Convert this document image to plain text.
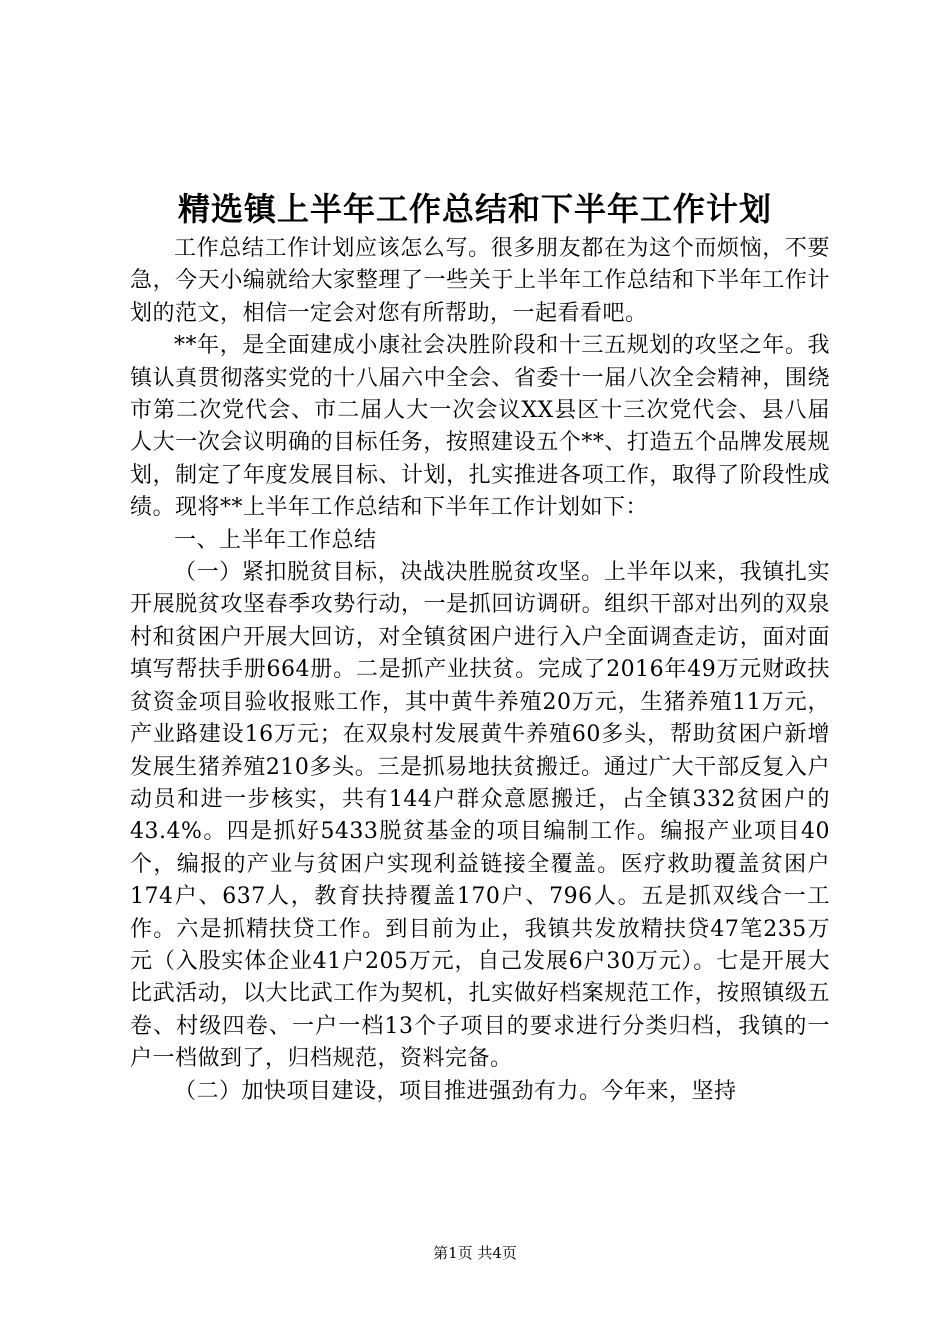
精选镇上半年工作总结和下半年工作计划

工作总结工作计划应该怎么写。很多朋友都在为这个而烦恼，不要急，今天小编就给大家整理了一些关于上半年工作总结和下半年工作计划的范文，相信一定会对您有所帮助，一起看看吧。

**年，是全面建成小康社会决胜阶段和十三五规划的攻坚之年。我镇认真贯彻落实党的十八届六中全会、省委十一届八次全会精神，围绕市第二次党代会、市二届人大一次会议XX县区十三次党代会、县八届人大一次会议明确的目标任务，按照建设五个**、打造五个品牌发展规划，制定了年度发展目标、计划，扎实推进各项工作，取得了阶段性成绩。现将**上半年工作总结和下半年工作计划如下：

一、上半年工作总结

（一）紧扣脱贫目标，决战决胜脱贫攻坚。上半年以来，我镇扎实开展脱贫攻坚春季攻势行动，一是抓回访调研。组织干部对出列的双泉村和贫困户开展大回访，对全镇贫困户进行入户全面调查走访，面对面填写帮扶手册664册。二是抓产业扶贫。完成了2016年49万元财政扶贫资金项目验收报账工作，其中黄牛养殖20万元，生猪养殖11万元，产业路建设16万元；在双泉村发展黄牛养殖60多头，帮助贫困户新增发展生猪养殖210多头。三是抓易地扶贫搬迁。通过广大干部反复入户动员和进一步核实，共有144户群众意愿搬迁，占全镇332贫困户的43.4%。四是抓好5433脱贫基金的项目编制工作。编报产业项目40个，编报的产业与贫困户实现利益链接全覆盖。医疗救助覆盖贫困户174户、637人，教育扶持覆盖170户、796人。五是抓双线合一工作。六是抓精扶贷工作。到目前为止，我镇共发放精扶贷47笔235万元（入股实体企业41户205万元，自己发展6户30万元）。七是开展大比武活动，以大比武工作为契机，扎实做好档案规范工作，按照镇级五卷、村级四卷、一户一档13个子项目的要求进行分类归档，我镇的一户一档做到了，归档规范，资料完备。

（二）加快项目建设，项目推进强劲有力。今年来，坚持

第1页 共4页
